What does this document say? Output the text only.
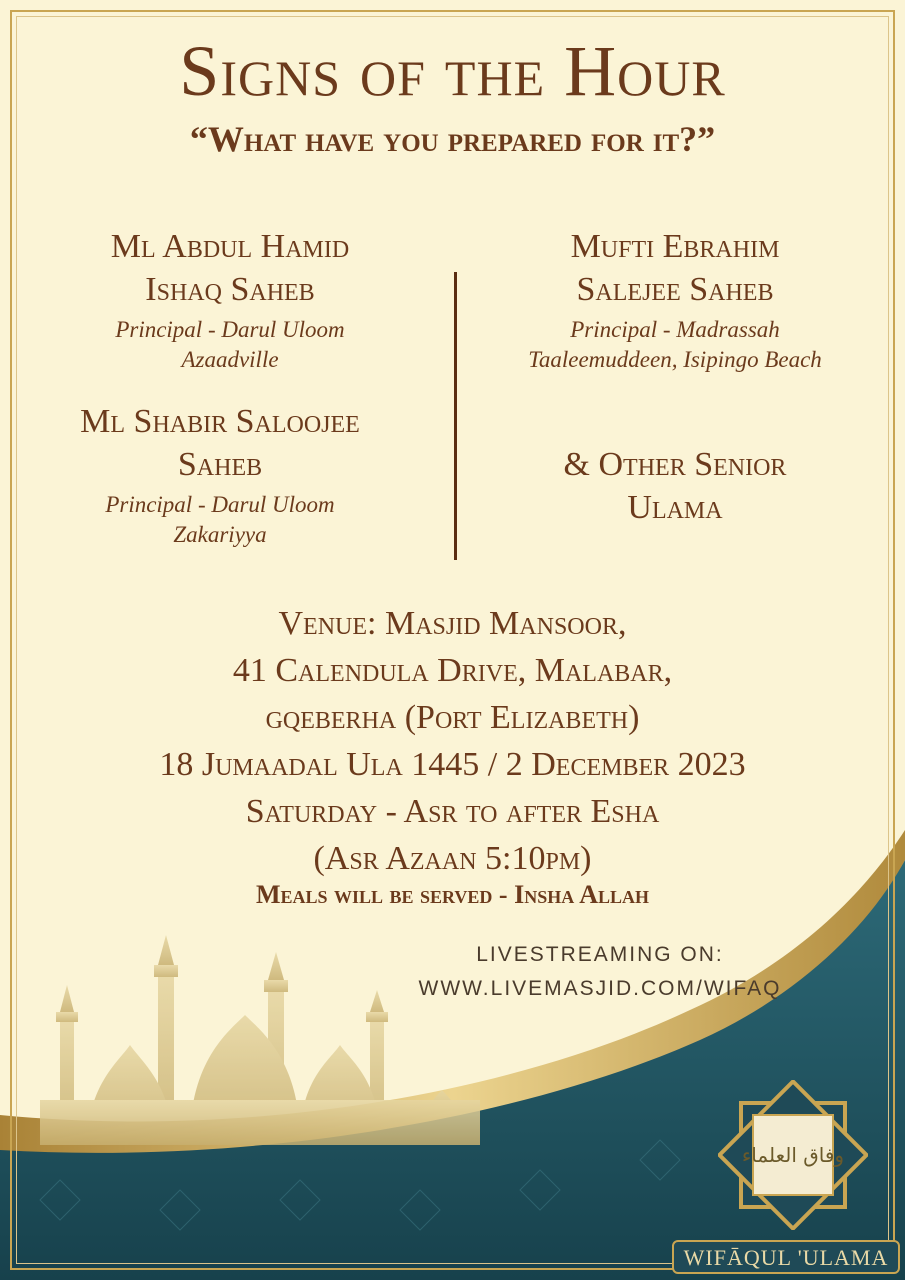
Signs of the Hour
“What have you prepared for it?”
Ml Abdul Hamid
Ishaq Saheb
Principal - Darul Uloom
Azaadville
Mufti Ebrahim
Salejee Saheb
Principal - Madrassah
Taaleemuddeen, Isipingo Beach
Ml Shabir Saloojee
Saheb
Principal - Darul Uloom
Zakariyya
& Other Senior
Ulama
Venue: Masjid Mansoor,
41 Calendula Drive, Malabar,
gqeberha (Port Elizabeth)
18 Jumaadal Ula 1445 / 2 December 2023
Saturday - Asr to after Esha
(Asr Azaan 5:10pm)
Meals will be served - Insha Allah
LIVESTREAMING ON:
WWW.LIVEMASJID.COM/WIFAQ
وفاق العلماء
WIFĀQUL 'ULAMA
